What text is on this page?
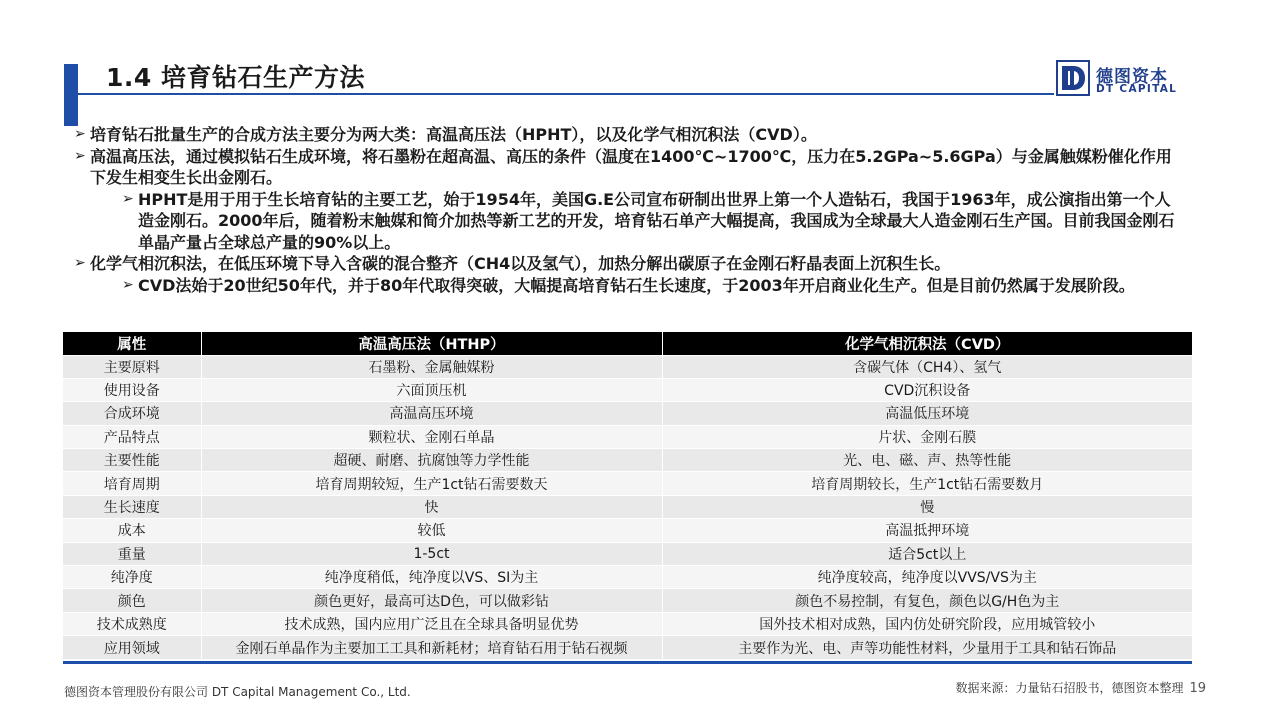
1.4 培育钻石生产方法	德图资本
DT CAPITAL
➢ 培育钻石批量生产的合成方法主要分为两大类：高温高压法（HPHT），以及化学气相沉积法（CVD）。
➢ 高温高压法，通过模拟钻石生成环境，将石墨粉在超高温、高压的条件（温度在1400℃~1700℃，压力在5.2GPa~5.6GPa）与金属触媒粉催化作用下发生相变生长出金刚石。
➢ HPHT是用于用于生长培育钻的主要工艺，始于1954年，美国G.E公司宣布研制出世界上第一个人造钻石，我国于1963年，成公演指出第一个人造金刚石。2000年后，随着粉末触媒和简介加热等新工艺的开发，培育钻石单产大幅提高，我国成为全球最大人造金刚石生产国。目前我国金刚石单晶产量占全球总产量的90%以上。
➢ 化学气相沉积法，在低压环境下导入含碳的混合整齐（CH4以及氢气），加热分解出碳原子在金刚石籽晶表面上沉积生长。
➢ CVD法始于20世纪50年代，并于80年代取得突破，大幅提高培育钻石生长速度，于2003年开启商业化生产。但是目前仍然属于发展阶段。
属性	高温高压法（HTHP）	化学气相沉积法（CVD）
主要原料	石墨粉、金属触媒粉	含碳气体（CH4）、氢气
使用设备	六面顶压机	CVD沉积设备
合成环境	高温高压环境	高温低压环境
产品特点	颗粒状、金刚石单晶	片状、金刚石膜
主要性能	超硬、耐磨、抗腐蚀等力学性能	光、电、磁、声、热等性能
培育周期	培育周期较短，生产1ct钻石需要数天	培育周期较长，生产1ct钻石需要数月
生长速度	快	慢
成本	较低	高温抵押环境
重量	1-5ct	适合5ct以上
纯净度	纯净度稍低，纯净度以VS、SI为主	纯净度较高，纯净度以VVS/VS为主
颜色	颜色更好，最高可达D色，可以做彩钻	颜色不易控制，有复色，颜色以G/H色为主
技术成熟度	技术成熟，国内应用广泛且在全球具备明显优势	国外技术相对成熟，国内仿处研究阶段，应用城管较小
应用领域	金刚石单晶作为主要加工工具和新耗材；培育钻石用于钻石视频	主要作为光、电、声等功能性材料，少量用于工具和钻石饰品
德图资本管理股份有限公司 DT Capital Management Co., Ltd.	数据来源：力量钻石招股书，德图资本整理 19
